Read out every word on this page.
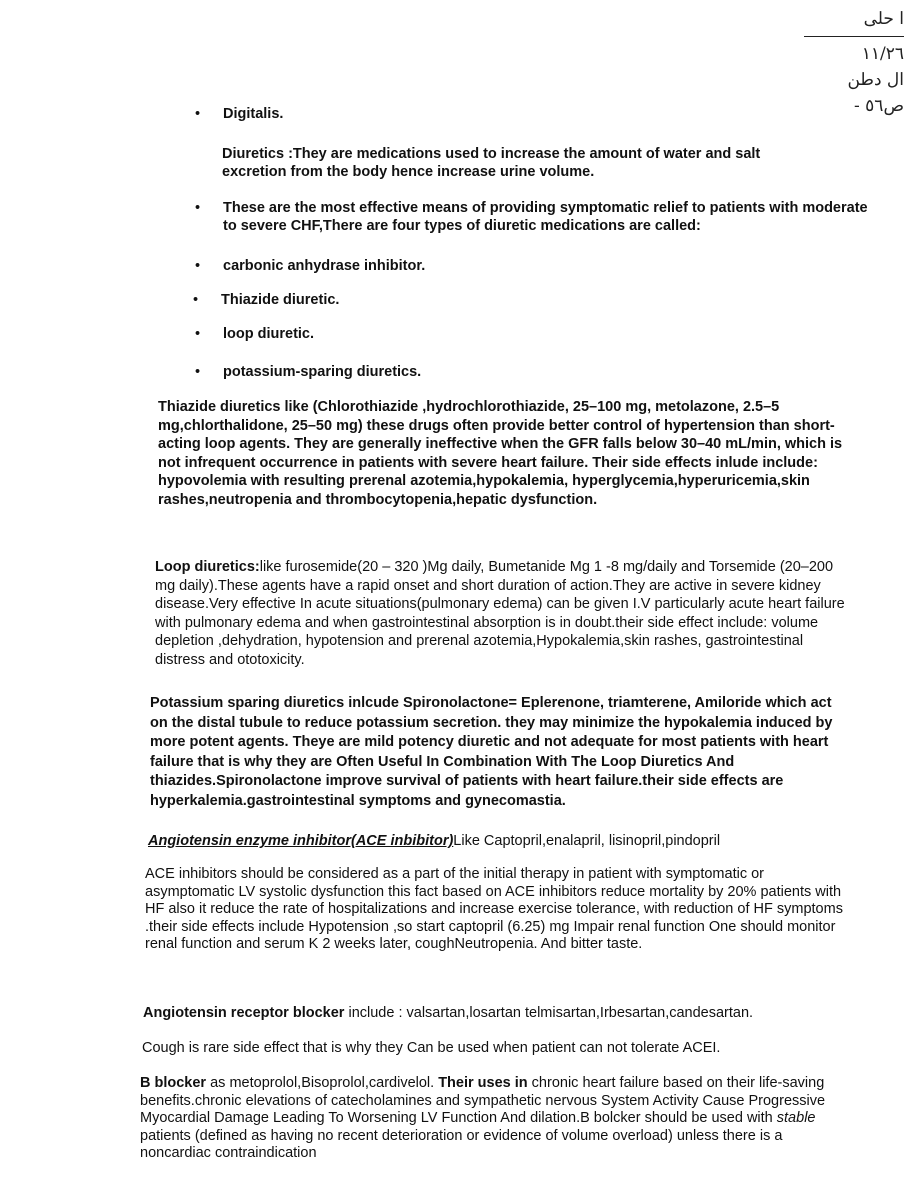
ا حلی
١١/٢٦
ال دطن
ص٥٦ -
• Digitalis.
Diuretics :They are medications used to increase the amount of water and salt excretion from the body hence increase urine volume.
• These are the most effective means of providing symptomatic relief to patients with moderate to severe CHF,There are four types of diuretic medications are called:
• carbonic anhydrase inhibitor.
• Thiazide diuretic.
• loop diuretic.
• potassium-sparing diuretics.
Thiazide diuretics like (Chlorothiazide ,hydrochlorothiazide, 25–100 mg, metolazone, 2.5–5 mg,chlorthalidone, 25–50 mg) these drugs often provide better control of hypertension than short-acting loop agents. They are generally ineffective when the GFR falls below 30–40 mL/min, which is not infrequent occurrence in patients with severe heart failure. Their side effects inlude include: hypovolemia with resulting prerenal azotemia,hypokalemia, hyperglycemia,hyperuricemia,skin rashes,neutropenia and thrombocytopenia,hepatic dysfunction.
Loop diuretics:like furosemide(20 – 320 )Mg daily, Bumetanide Mg 1 -8 mg/daily and Torsemide (20–200 mg daily).These agents have a rapid onset and short duration of action.They are active in severe kidney disease.Very effective In acute situations(pulmonary edema) can be given I.V particularly acute heart failure with pulmonary edema and when gastrointestinal absorption is in doubt.their side effect include: volume depletion ,dehydration, hypotension and prerenal azotemia,Hypokalemia,skin rashes, gastrointestinal distress and ototoxicity.
Potassium sparing diuretics inlcude Spironolactone= Eplerenone, triamterene, Amiloride which act on the distal tubule to reduce potassium secretion. they may minimize the hypokalemia induced by more potent agents. Theye are mild potency diuretic and not adequate for most patients with heart failure that is why they are Often Useful In Combination With The Loop Diuretics And thiazides.Spironolactone improve survival of patients with heart failure.their side effects are hyperkalemia.gastrointestinal symptoms and gynecomastia.
Angiotensin enzyme inhibitor(ACE inbibitor)Like Captopril,enalapril, lisinopril,pindopril
ACE inhibitors should be considered as a part of the initial therapy in patient with symptomatic or asymptomatic LV systolic dysfunction this fact based on ACE inhibitors reduce mortality by 20% patients with HF also it reduce the rate of hospitalizations and increase exercise tolerance, with reduction of HF symptoms .their side effects include Hypotension ,so start captopril (6.25) mg Impair renal function One should monitor renal function and serum K 2 weeks later, coughNeutropenia. And bitter taste.
Angiotensin receptor blocker include : valsartan,losartan telmisartan,Irbesartan,candesartan.
Cough is rare side effect that is why they Can be used when patient can not tolerate ACEI.
B blocker as metoprolol,Bisoprolol,cardivelol. Their uses in chronic heart failure based on their life-saving benefits.chronic elevations of catecholamines and sympathetic nervous System Activity Cause Progressive Myocardial Damage Leading To Worsening LV Function And dilation.B bolcker should be used with stable patients (defined as having no recent deterioration or evidence of volume overload) unless there is a noncardiac contraindication
